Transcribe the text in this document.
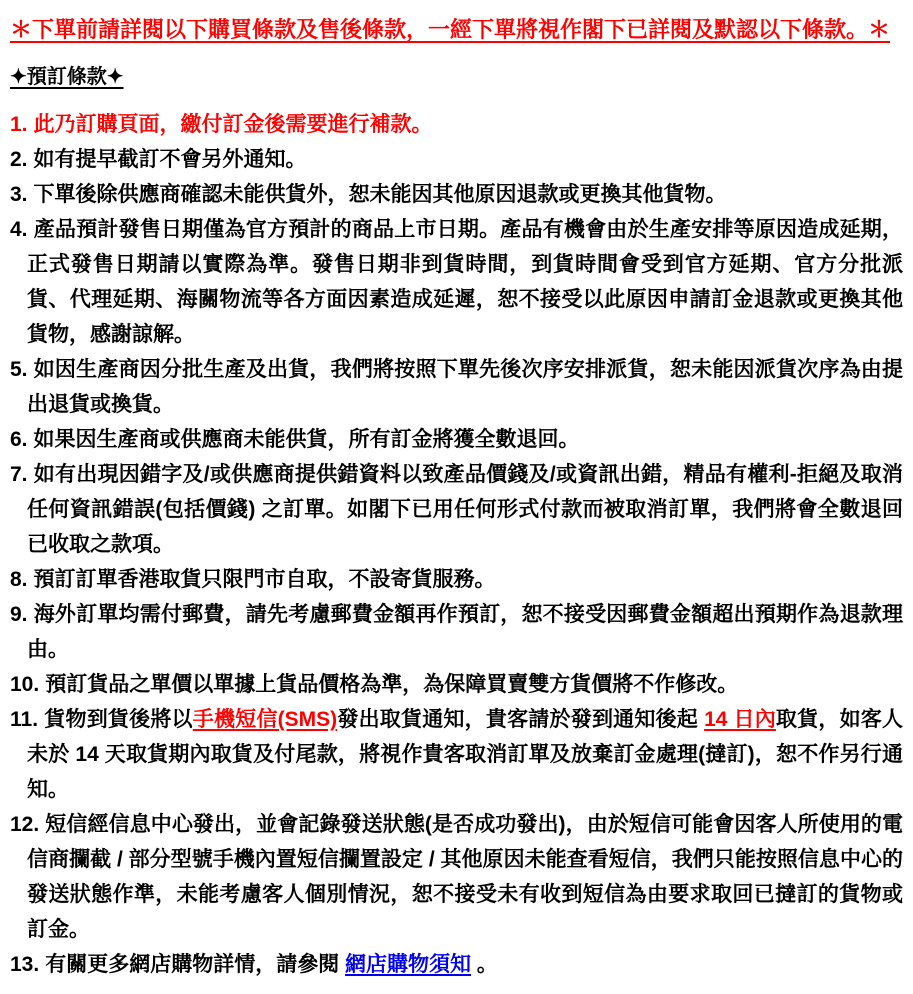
＊下單前請詳閱以下購買條款及售後條款，一經下單將視作閣下已詳閱及默認以下條款。＊
✦預訂條款✦
1. 此乃訂購頁面，繳付訂金後需要進行補款。
2. 如有提早截訂不會另外通知。
3. 下單後除供應商確認未能供貨外，恕未能因其他原因退款或更換其他貨物。
4. 產品預計發售日期僅為官方預計的商品上市日期。產品有機會由於生產安排等原因造成延期，正式發售日期請以實際為準。發售日期非到貨時間，到貨時間會受到官方延期、官方分批派貨、代理延期、海關物流等各方面因素造成延遲，恕不接受以此原因申請訂金退款或更換其他貨物，感謝諒解。
5. 如因生產商因分批生產及出貨，我們將按照下單先後次序安排派貨，恕未能因派貨次序為由提出退貨或換貨。
6. 如果因生產商或供應商未能供貨，所有訂金將獲全數退回。
7. 如有出現因錯字及/或供應商提供錯資料以致產品價錢及/或資訊出錯，精品有權利-拒絕及取消任何資訊錯誤(包括價錢) 之訂單。如閣下已用任何形式付款而被取消訂單，我們將會全數退回已收取之款項。
8. 預訂訂單香港取貨只限門市自取，不設寄貨服務。
9. 海外訂單均需付郵費，請先考慮郵費金額再作預訂，恕不接受因郵費金額超出預期作為退款理由。
10. 預訂貨品之單價以單據上貨品價格為準，為保障買賣雙方貨價將不作修改。
11. 貨物到貨後將以手機短信(SMS)發出取貨通知，貴客請於發到通知後起 14 日內取貨，如客人未於 14 天取貨期內取貨及付尾款，將視作貴客取消訂單及放棄訂金處理(撻訂)，恕不作另行通知。
12. 短信經信息中心發出，並會記錄發送狀態(是否成功發出)，由於短信可能會因客人所使用的電信商攔截 / 部分型號手機內置短信攔置設定 / 其他原因未能查看短信，我們只能按照信息中心的發送狀態作準，未能考慮客人個別情況，恕不接受未有收到短信為由要求取回已撻訂的貨物或訂金。
13. 有關更多網店購物詳情，請參閱 網店購物須知 。
